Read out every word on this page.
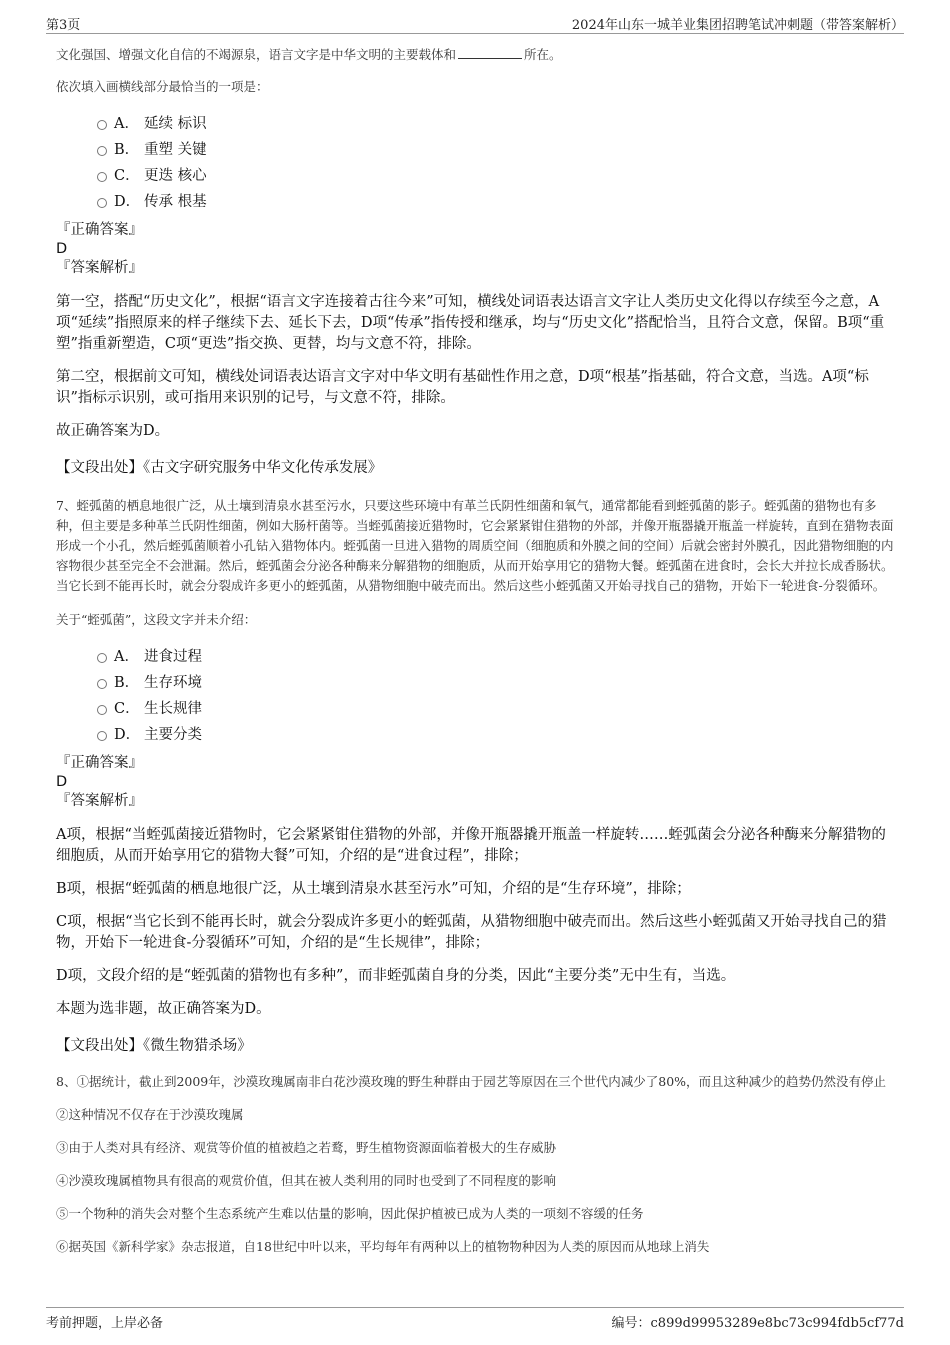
第3页	2024年山东一城羊业集团招聘笔试冲刺题（带答案解析）

文化强国、增强文化自信的不竭源泉，语言文字是中华文明的主要载体和	所在。

依次填入画横线部分最恰当的一项是：

A． 延续 标识
B． 重塑 关键
C． 更迭 核心
D． 传承 根基

『正确答案』

D

『答案解析』

第一空，搭配“历史文化”，根据“语言文字连接着古往今来”可知，横线处词语表达语言文字让人类历史文化得以存续至今之意，A项“延续”指照原来的样子继续下去、延长下去，D项“传承”指传授和继承，均与“历史文化”搭配恰当，且符合文意，保留。B项“重塑”指重新塑造，C项“更迭”指交换、更替，均与文意不符，排除。

第二空，根据前文可知，横线处词语表达语言文字对中华文明有基础性作用之意，D项“根基”指基础，符合文意，当选。A项“标识”指标示识别，或可指用来识别的记号，与文意不符，排除。

故正确答案为D。

【文段出处】《古文字研究服务中华文化传承发展》

7、蛭弧菌的栖息地很广泛，从土壤到清泉水甚至污水，只要这些环境中有革兰氏阴性细菌和氧气，通常都能看到蛭弧菌的影子。蛭弧菌的猎物也有多种，但主要是多种革兰氏阴性细菌，例如大肠杆菌等。当蛭弧菌接近猎物时，它会紧紧钳住猎物的外部，并像开瓶器撬开瓶盖一样旋转，直到在猎物表面形成一个小孔，然后蛭弧菌顺着小孔钻入猎物体内。蛭弧菌一旦进入猎物的周质空间（细胞质和外膜之间的空间）后就会密封外膜孔，因此猎物细胞的内容物很少甚至完全不会泄漏。然后，蛭弧菌会分泌各种酶来分解猎物的细胞质，从而开始享用它的猎物大餐。蛭弧菌在进食时，会长大并拉长成香肠状。当它长到不能再长时，就会分裂成许多更小的蛭弧菌，从猎物细胞中破壳而出。然后这些小蛭弧菌又开始寻找自己的猎物，开始下一轮进食-分裂循环。

关于“蛭弧菌”，这段文字并未介绍：

A． 进食过程
B． 生存环境
C． 生长规律
D． 主要分类

『正确答案』

D

『答案解析』

A项，根据“当蛭弧菌接近猎物时，它会紧紧钳住猎物的外部，并像开瓶器撬开瓶盖一样旋转……蛭弧菌会分泌各种酶来分解猎物的细胞质，从而开始享用它的猎物大餐”可知，介绍的是“进食过程”，排除；

B项，根据“蛭弧菌的栖息地很广泛，从土壤到清泉水甚至污水”可知，介绍的是“生存环境”，排除；

C项，根据“当它长到不能再长时，就会分裂成许多更小的蛭弧菌，从猎物细胞中破壳而出。然后这些小蛭弧菌又开始寻找自己的猎物，开始下一轮进食-分裂循环”可知，介绍的是“生长规律”，排除；

D项，文段介绍的是“蛭弧菌的猎物也有多种”，而非蛭弧菌自身的分类，因此“主要分类”无中生有，当选。

本题为选非题，故正确答案为D。

【文段出处】《微生物猎杀场》

8、①据统计，截止到2009年，沙漠玫瑰属南非白花沙漠玫瑰的野生种群由于园艺等原因在三个世代内减少了80%，而且这种减少的趋势仍然没有停止

②这种情况不仅存在于沙漠玫瑰属

③由于人类对具有经济、观赏等价值的植被趋之若鹜，野生植物资源面临着极大的生存威胁

④沙漠玫瑰属植物具有很高的观赏价值，但其在被人类利用的同时也受到了不同程度的影响

⑤一个物种的消失会对整个生态系统产生难以估量的影响，因此保护植被已成为人类的一项刻不容缓的任务

⑥据英国《新科学家》杂志报道，自18世纪中叶以来，平均每年有两种以上的植物物种因为人类的原因而从地球上消失

考前押题，上岸必备	编号：c899d99953289e8bc73c994fdb5cf77d
